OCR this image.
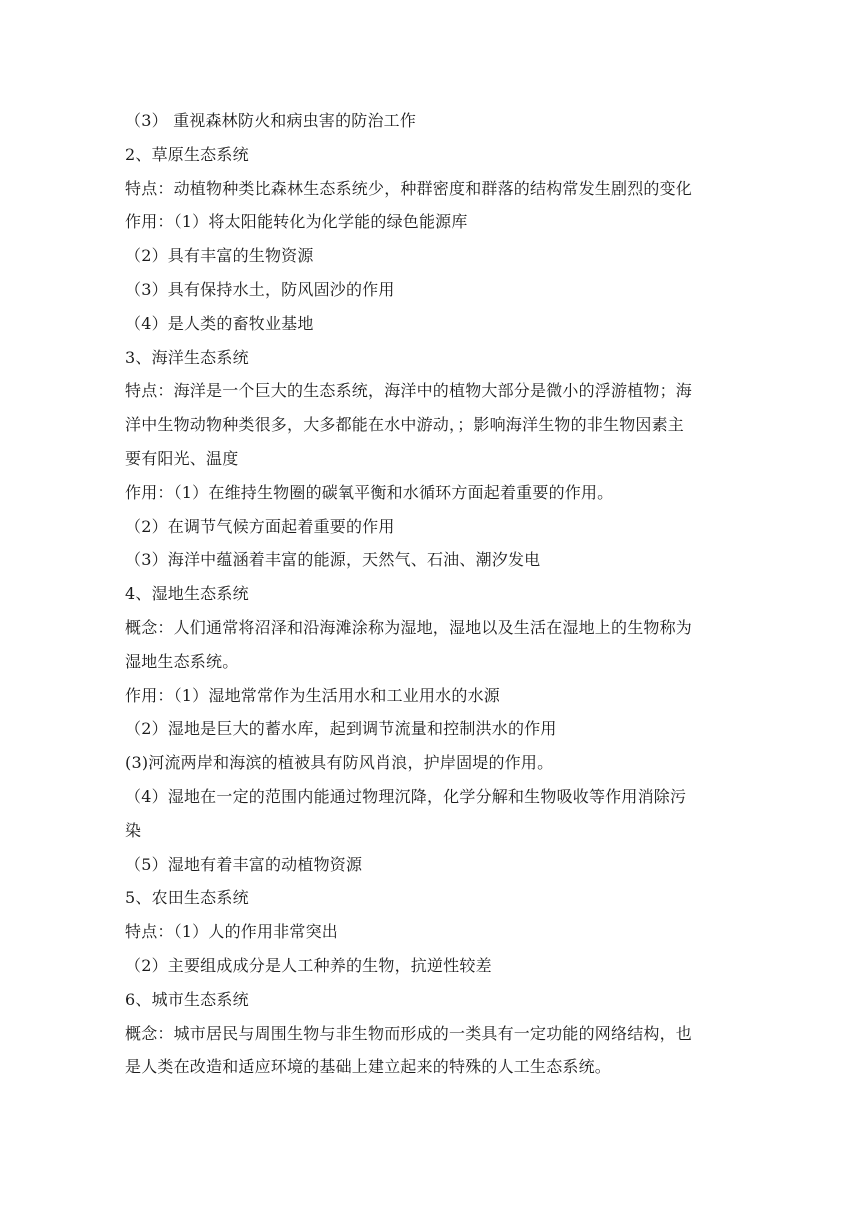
（3） 重视森林防火和病虫害的防治工作
2、草原生态系统
特点：动植物种类比森林生态系统少，种群密度和群落的结构常发生剧烈的变化
作用：（1）将太阳能转化为化学能的绿色能源库
（2）具有丰富的生物资源
（3）具有保持水土，防风固沙的作用
（4）是人类的畜牧业基地
3、海洋生态系统
特点：海洋是一个巨大的生态系统，海洋中的植物大部分是微小的浮游植物；海
洋中生物动物种类很多，大多都能在水中游动，；影响海洋生物的非生物因素主
要有阳光、温度
作用：（1）在维持生物圈的碳氧平衡和水循环方面起着重要的作用。
（2）在调节气候方面起着重要的作用
（3）海洋中蕴涵着丰富的能源，天然气、石油、潮汐发电
4、湿地生态系统
概念：人们通常将沼泽和沿海滩涂称为湿地，湿地以及生活在湿地上的生物称为
湿地生态系统。
作用：（1）湿地常常作为生活用水和工业用水的水源
（2）湿地是巨大的蓄水库，起到调节流量和控制洪水的作用
(3)河流两岸和海滨的植被具有防风肖浪，护岸固堤的作用。
（4）湿地在一定的范围内能通过物理沉降，化学分解和生物吸收等作用消除污
染
（5）湿地有着丰富的动植物资源
5、农田生态系统
特点：（1）人的作用非常突出
（2）主要组成成分是人工种养的生物，抗逆性较差
6、城市生态系统
概念：城市居民与周围生物与非生物而形成的一类具有一定功能的网络结构，也
是人类在改造和适应环境的基础上建立起来的特殊的人工生态系统。
